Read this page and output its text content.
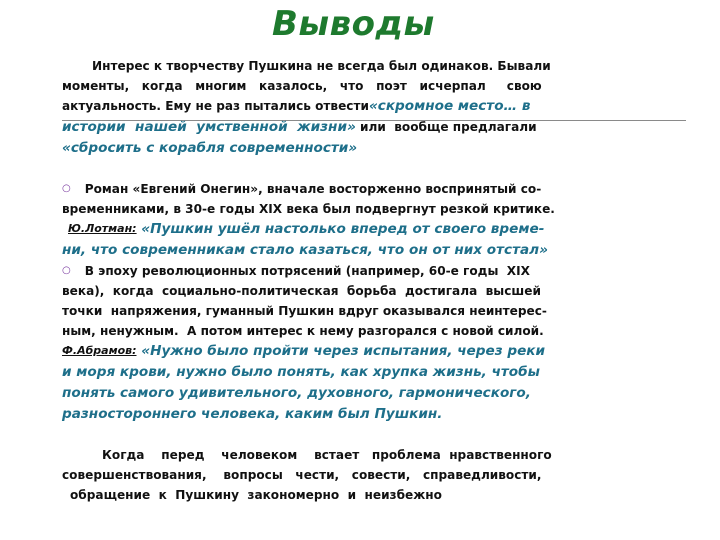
Выводы
Интерес к творчеству Пушкина не всегда был одинаков. Бывали
моменты,   когда   многим   казалось,   что   поэт   исчерпал     свою
актуальность. Ему не раз пытались отвести «скромное место… в
истории  нашей  умственной  жизни» или  вообще предлагали
«сбросить с корабля современности»
○ Роман «Евгений Онегин», вначале восторженно воспринятый со-
временниками, в 30-е годы XIX века был подвергнут резкой критике.
Ю.Лотман: «Пушкин ушёл настолько вперед от своего време-
ни, что современникам стало казаться, что он от них отстал»
○ В эпоху революционных потрясений (например, 60-е годы  XIX
века),  когда  социально-политическая  борьба  достигала  высшей
точки  напряжения, гуманный Пушкин вдруг оказывался неинтерес-
ным, ненужным.  А потом интерес к нему разгорался с новой силой.
Ф.Абрамов: «Нужно было пройти через испытания, через реки
и моря крови, нужно было понять, как хрупка жизнь, чтобы
понять самого удивительного, духовного, гармонического,
разностороннего человека, каким был Пушкин.
Когда    перед    человеком    встает   проблема  нравственного
совершенствования,    вопросы   чести,   совести,   справедливости,
обращение  к  Пушкину  закономерно  и  неизбежно
